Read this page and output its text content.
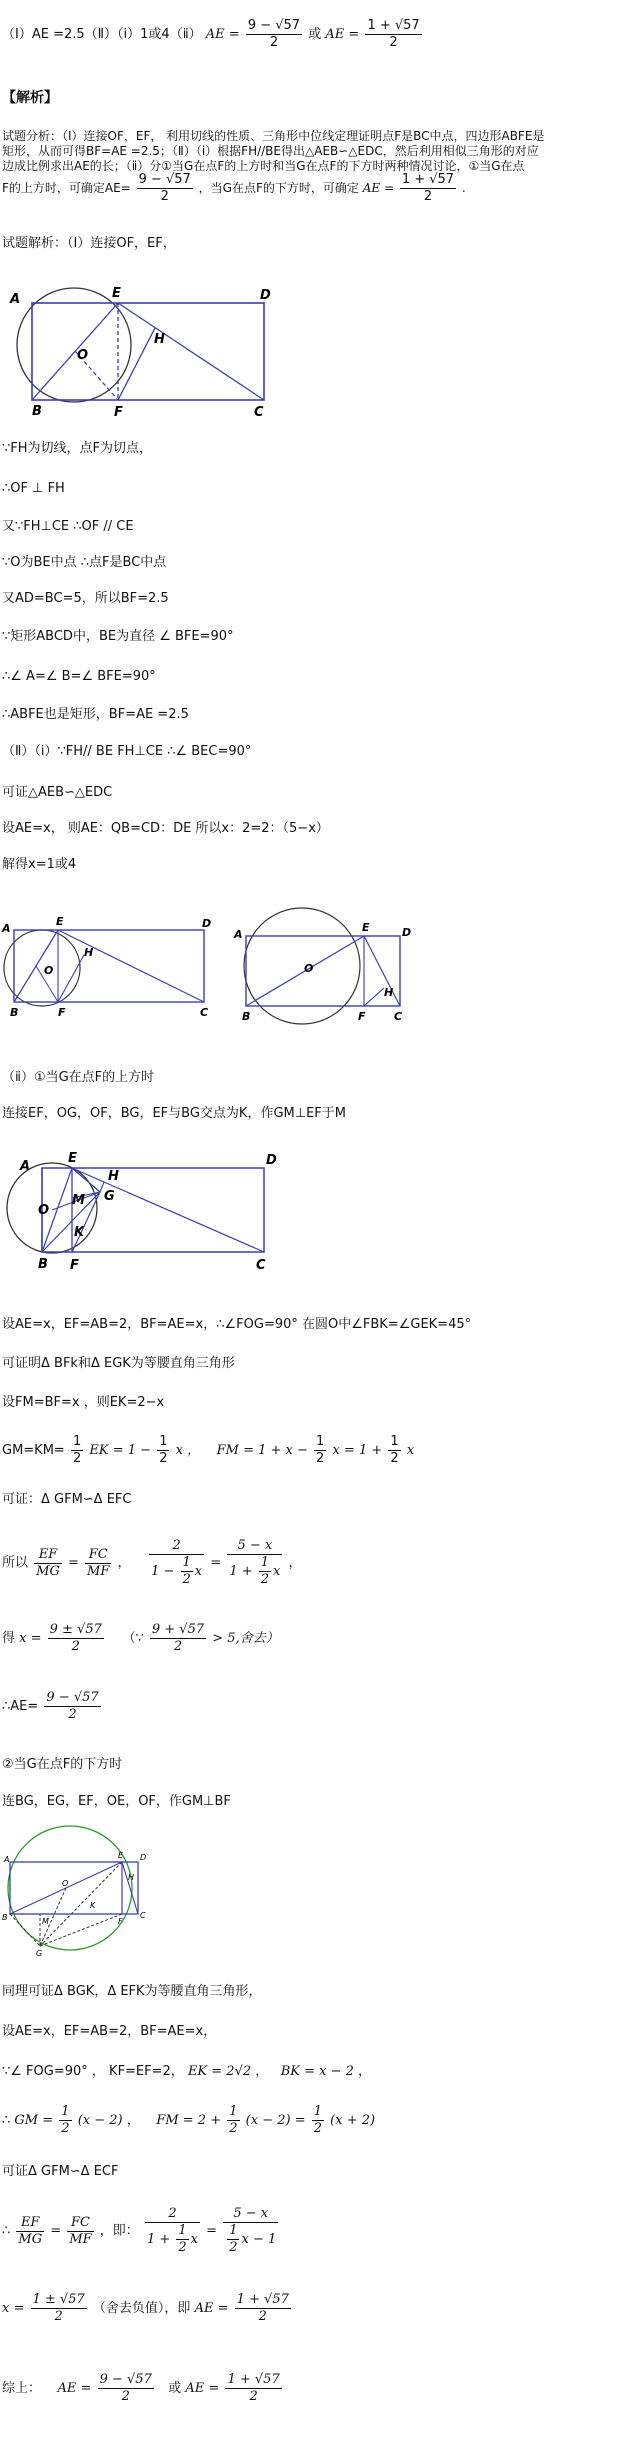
（Ⅰ）AE =2.5（Ⅱ）（ⅰ）1或4（ⅱ） AE = $\frac{9 - √57}{2}$ 或 AE = $\frac{1 + √57}{2}$
【解析】
试题分析：（Ⅰ）连接OF，EF， 利用切线的性质、三角形中位线定理证明点F是BC中点，四边形ABFE是
矩形，从而可得BF=AE =2.5；（Ⅱ）（ⅰ）根据FH//BE得出△AEB∽△EDC，然后利用相似三角形的对应
边成比例求出AE的长；（ⅱ）分①当G在点F的上方时和当G在点F的下方时两种情况讨论，①当G在点
F的上方时，可确定$AE= \frac{9 - √57}{2}$ ，当G在点F的下方时，可确定 AE = $\frac{1 + √57}{2}$ .
试题解析：（Ⅰ）连接OF，EF，
A	E	D
O
H
B	F	C
∵FH为切线，点F为切点，
∴OF ⊥ FH
又∵FH⊥CE ∴OF // CE
∵O为BE中点 ∴点F是BC中点
又AD=BC=5，所以BF=2.5
∵矩形ABCD中，BE为直径 ∠ BFE=90°
∴∠ A=∠ B=∠ BFE=90°
∴ABFE也是矩形，BF=AE =2.5
（Ⅱ）（ⅰ）∵FH// BE FH⊥CE ∴∠ BEC=90°
可证△AEB∽△EDC
设AE=x， 则AE：QB=CD：DE 所以x：2=2：（5−x）
解得x=1或4
A
E	D
O
H
B	F	C
A
E	D
O
H
B	F	C
（ⅱ）①当G在点F的上方时
连接EF，OG，OF，BG，EF与BG交点为K，作GM⊥EF于M
A
E
H
D
O
M G
K
B F	C
设AE=x，EF=AB=2，BF=AE=x，∴∠FOG=90° 在圆O中∠FBK=∠GEK=45°
可证明Δ BFk和Δ EGK为等腰直角三角形
设FM=BF=x ，则EK=2−x
$GM=KM= \frac{1}{2}$ EK = $1 - \frac{1}{2}$ x ， FM = $1 + x - \frac{1}{2}$ $x = 1 + \frac{1}{2}$ x
可证：Δ GFM∽Δ EFC
所以 $\frac{EF}{MG} = \frac{FC}{MF}$ ， $\frac{2}{1 - \frac{1}{2} x} = \frac{5 - x}{1 + \frac{1}{2} x}$ ，
得 $x = \frac{9 \pm √57}{2}$ （∵ $\frac{9 + √57}{2} > 5$,舍去）
∴AE= $\frac{9 - √57}{2}$
②当G在点F的下方时
连BG，EG，EF，OE，OF，作GM⊥BF
A	E D
B	F
C
O
H
M
G
K
同理可证Δ BGK，Δ EFK为等腰直角三角形，
设AE=x，EF=AB=2，BF=AE=x，
∵∠ FOG=90° ， KF=EF=2， EK = 2√2 ， BK = x − 2 ，
∴ GM = $\frac{1}{2} (x - 2)$ ， FM = $2 + \frac{1}{2} (x - 2) = \frac{1}{2} (x + 2)$
可证Δ GFM∽Δ ECF
∴ $\frac{EF}{MG} = \frac{FC}{MF}$ ，即： $\frac{2}{1 + \frac{1}{2} x} = \frac{5 - x}{\frac{1}{2} x - 1}$
$x = \frac{1 \pm √57}{2}$ （舍去负值），即 AE = $\frac{1 + √57}{2}$
综上： AE = $\frac{9 - √57}{2}$ 或 AE = $\frac{1 + √57}{2}$
